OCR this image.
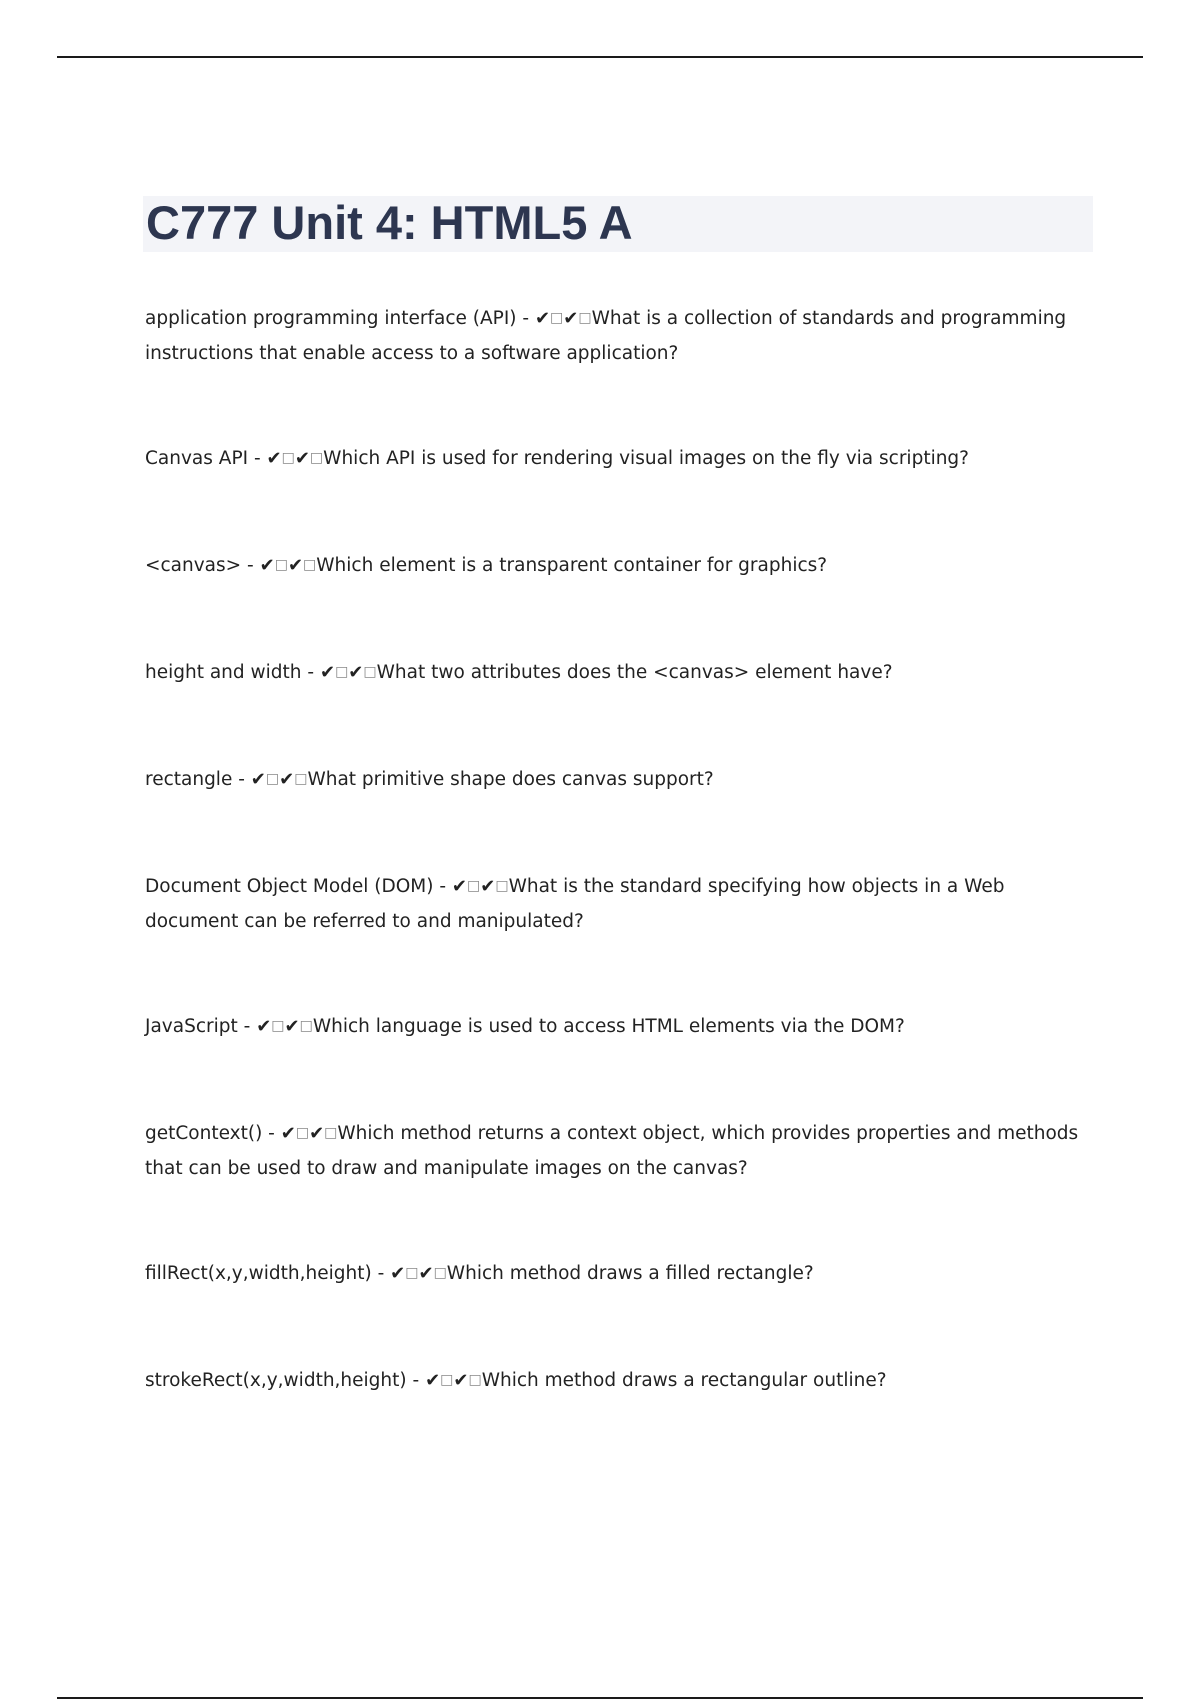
C777 Unit 4: HTML5 A
application programming interface (API) - ✔□✔□What is a collection of standards and programming instructions that enable access to a software application?
Canvas API - ✔□✔□Which API is used for rendering visual images on the fly via scripting?
<canvas> - ✔□✔□Which element is a transparent container for graphics?
height and width - ✔□✔□What two attributes does the <canvas> element have?
rectangle - ✔□✔□What primitive shape does canvas support?
Document Object Model (DOM) - ✔□✔□What is the standard specifying how objects in a Web document can be referred to and manipulated?
JavaScript - ✔□✔□Which language is used to access HTML elements via the DOM?
getContext() - ✔□✔□Which method returns a context object, which provides properties and methods that can be used to draw and manipulate images on the canvas?
fillRect(x,y,width,height) - ✔□✔□Which method draws a filled rectangle?
strokeRect(x,y,width,height) - ✔□✔□Which method draws a rectangular outline?
